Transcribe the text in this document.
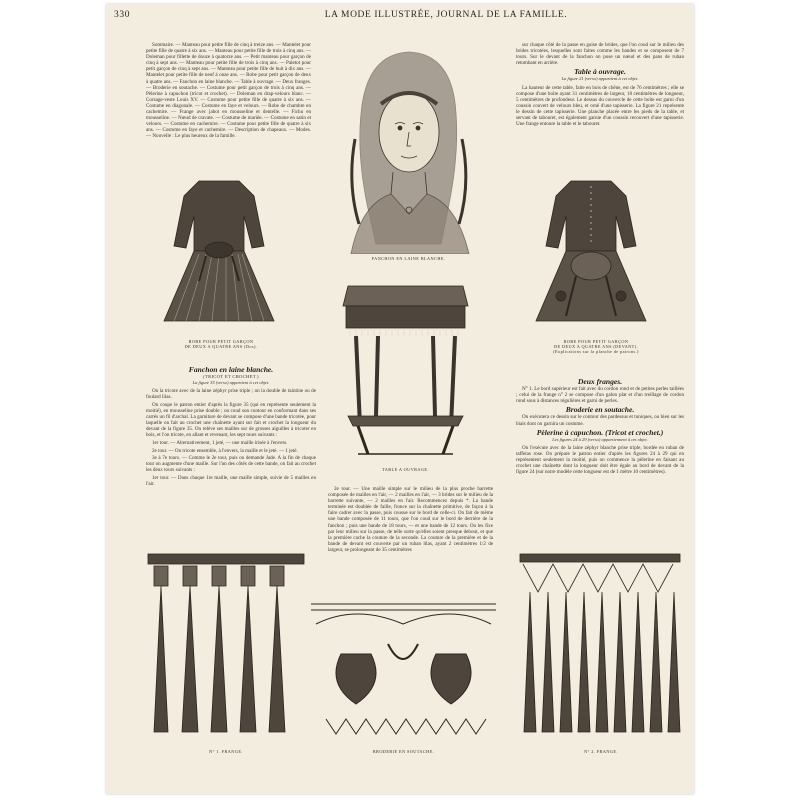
330	LA MODE ILLUSTRÉE, JOURNAL DE LA FAMILLE.

Sommaire. — Manteau pour petite fille de cinq à treize ans. — Mantelet pour petite fille de quatre à six ans. — Manteau pour petite fille de trois à cinq ans. — Doleman pour fillette de douze à quatorze ans. — Petit manteau pour garçon de cinq à sept ans. — Manteau pour petite fille de trois à cinq ans. — Paletot pour petit garçon de cinq à sept ans. — Manteau pour petite fille de huit à dix ans. — Mantelet pour petite fille de neuf à onze ans. — Robe pour petit garçon de deux à quatre ans. — Fanchon en laine blanche. — Table à ouvrage. — Deux franges. — Broderie en soutache. — Costume pour petit garçon de trois à cinq ans. — Pèlerine à capuchon (tricot et crochet). — Doleman en drap-velours blanc. — Corsage-veste Louis XV. — Costume pour petite fille de quatre à six ans. — Costume en diagonale. — Costume en faye et velours. — Robe de chambre en cachemire. — Frange avec jabot en mousseline et dentelle. — Fichu en mousseline. — Nœud de cravate. — Costume de mariée. — Costume en satin et velours. — Costume en cachemire. — Costume pour petite fille de quatre à six ans. — Costume en faye et cachemire. — Description de chapeaux. — Modes. — Nouvelle : Le plus heureux de la famille.

FANCHON EN LAINE BLANCHE.
ROBE POUR PETIT GARÇON
DE DEUX A QUATRE ANS (Dos).
TABLE A OUVRAGE.
ROBE POUR PETIT GARÇON
DE DEUX A QUATRE ANS (DEVANT).
(Explications sur la planche de patrons.)
Fanchon en laine blanche.
(TRICOT ET CROCHET.)
La figure 35 (verso) appartient à cet objet.

On la tricote avec de la laine zéphyr prise triple ; on la double de taintine ou de foulard lilas.

On coupe le patron entier d'après la figure 35 (qui en représente seulement la moitié), en mousseline prise double ; on coud son contour en conformant dans ses carrés un fil d'archal. La garniture de devant se compose d'une bande tricotée, pour laquelle on fait au crochet une chaînette ayant sur fait et crochet la longueur du devant de la figure 35. On relève ses mailles sur de grosses aiguilles à tricoter en bois, et l'on tricote, en allant et revenant, les sept tours suivants :

1er tour. — Alternativement, 1 jeté, — une maille irisée à l'envers.

2e tour. — On tricote ensemble, à l'envers, la maille et le jeté. — 1 jeté.

3e à 7e tours. — Comme le 2e tour, puis on demande Jade. A la fin de chaque tour on augmente d'une maille. Sur l'un des côtés de cette bande, on fait au crochet les deux tours suivants :

1er tour. — Dans chaque 1re maille, une maille simple, suivie de 5 mailles en l'air.

2e tour. — Une maille simple sur le milieu de la plus proche barrette composée de mailles en l'air, — 2 mailles en l'air, — 3 brides sur le milieu de la barrette suivante, — 2 mailles en l'air. Recommencez depuis *. La bande terminée est doublée de faille, fronce sur la chaînette primitive, de façon à la faire cadrer avec la passe, puis cousue sur le bord de celle-ci. On fait de même une bande composée de 11 tours, que l'on coud sur le bord de derrière de la fanchon ; puis une bande de 18 tours, — et une bande de 12 tours. On les fixe par leur milieu sur la passe, de telle sorte qu'elles soient presque debout, et que la première cache la couture de la seconde. La couture de la première et de la bande de devant est couverte par un ruban lilas, ayant 2 centimètres 1/2 de largeur, se prolongeant de 35 centimètres

sur chaque côté de la passe en guise de brides, que l'on coud sur le milieu des brides tricotées, lesquelles sont faites comme les bandes et se composent de 7 tours. Sur le devant de la fanchon on pose un nœud et des pans de ruban retombant en arrière.

Table à ouvrage.
La figure 21 (verso) appartient à cet objet.

La hauteur de cette table, faite en bois de chêne, est de 76 centimètres ; elle se compose d'une boîte ayant 31 centimètres de largeur, 18 centimètres de longueur, 5 centimètres de profondeur. Le dessus du couvercle de cette boîte est garni d'un coussin couvert de velours bleu, et orné d'une tapisserie. La figure 21 représente le dessin de cette tapisserie. Une planche placée entre les pieds de la table, et servant de tabouret, est également garnie d'un coussin recouvert d'une tapisserie. Une frange entoure la table et le tabouret.

Deux franges.

N° 1. Le bord supérieur est fait avec du cordon rond et de petites perles taillées ; celui de la frange n° 2 se compose d'un galon plat et d'un treillage de cordon rond sous à distances régulières et garni de perles.

Broderie en soutache.

On exécutera ce dessin sur le contour des pardessus et tuniques, ou bien sur les biais dont on garnira un costume.

Pèlerine à capuchon. (Tricot et crochet.)
Les figures 24 à 29 (verso) appartiennent à cet objet.

On l'exécute avec de la laine zéphyr blanche prise triple, bordée en ruban de taffetas rose. On prépare le patron entier d'après les figures 24 à 29 qui en représentent seulement la moitié, puis on commence la pèlerine en faisant au crochet une chaînette dont la longueur doit être égale au bord de devant de la figure 24 (sur notre modèle cette longueur est de 1 mètre 10 centimètres).

N° 1. FRANGE.	BRODERIE EN SOUTACHE.	N° 2. FRANGE.
